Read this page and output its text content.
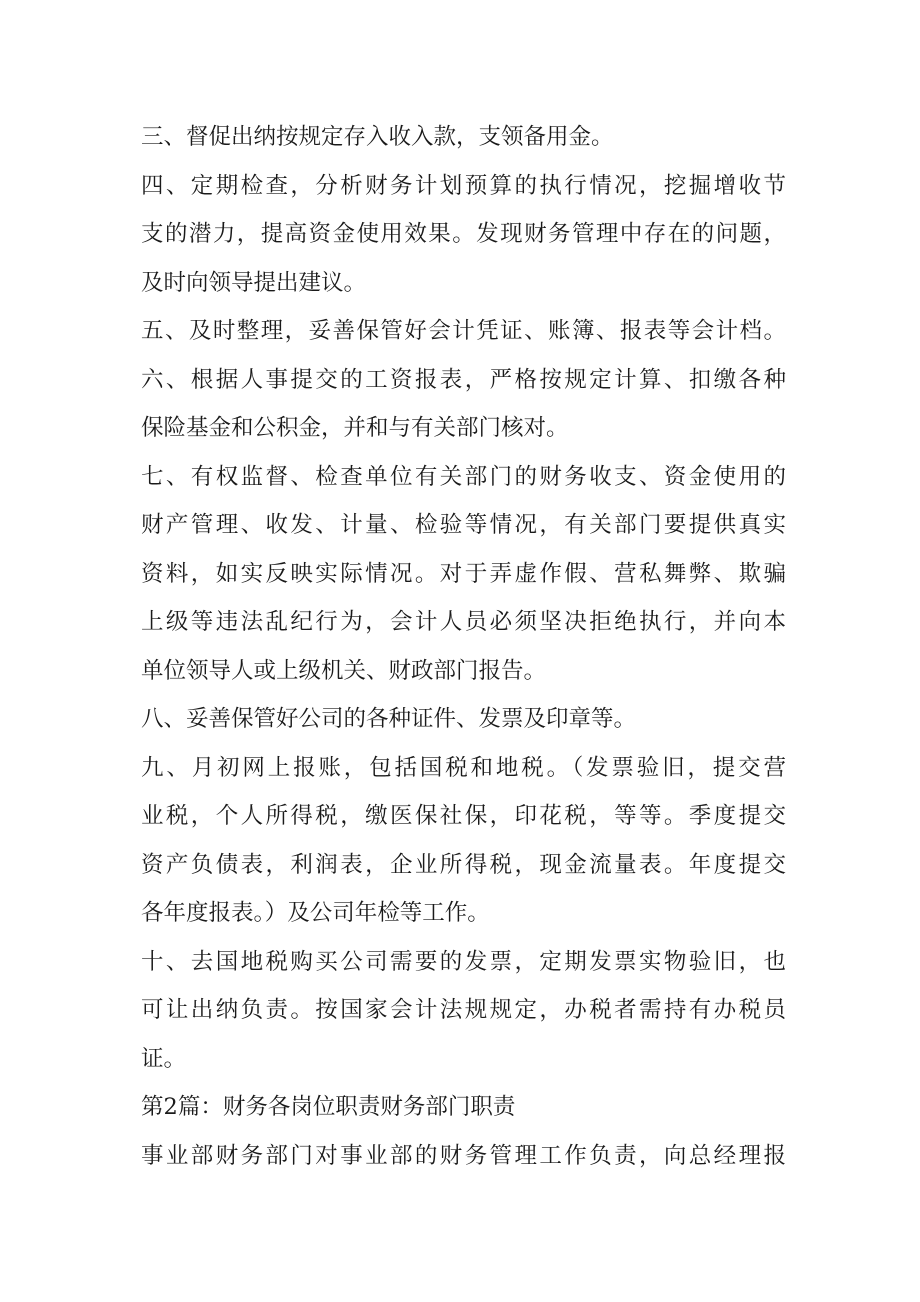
三、督促出纳按规定存入收入款，支领备用金。
四、定期检查，分析财务计划预算的执行情况，挖掘增收节
支的潜力，提高资金使用效果。发现财务管理中存在的问题，
及时向领导提出建议。
五、及时整理，妥善保管好会计凭证、账簿、报表等会计档。
六、根据人事提交的工资报表，严格按规定计算、扣缴各种
保险基金和公积金，并和与有关部门核对。
七、有权监督、检查单位有关部门的财务收支、资金使用的
财产管理、收发、计量、检验等情况，有关部门要提供真实
资料，如实反映实际情况。对于弄虚作假、营私舞弊、欺骗
上级等违法乱纪行为，会计人员必须坚决拒绝执行，并向本
单位领导人或上级机关、财政部门报告。
八、妥善保管好公司的各种证件、发票及印章等。
九、月初网上报账，包括国税和地税。（发票验旧，提交营
业税，个人所得税，缴医保社保，印花税，等等。季度提交
资产负债表，利润表，企业所得税，现金流量表。年度提交
各年度报表。）及公司年检等工作。
十、去国地税购买公司需要的发票，定期发票实物验旧，也
可让出纳负责。按国家会计法规规定，办税者需持有办税员
证。
第2篇：财务各岗位职责财务部门职责
事业部财务部门对事业部的财务管理工作负责，向总经理报
